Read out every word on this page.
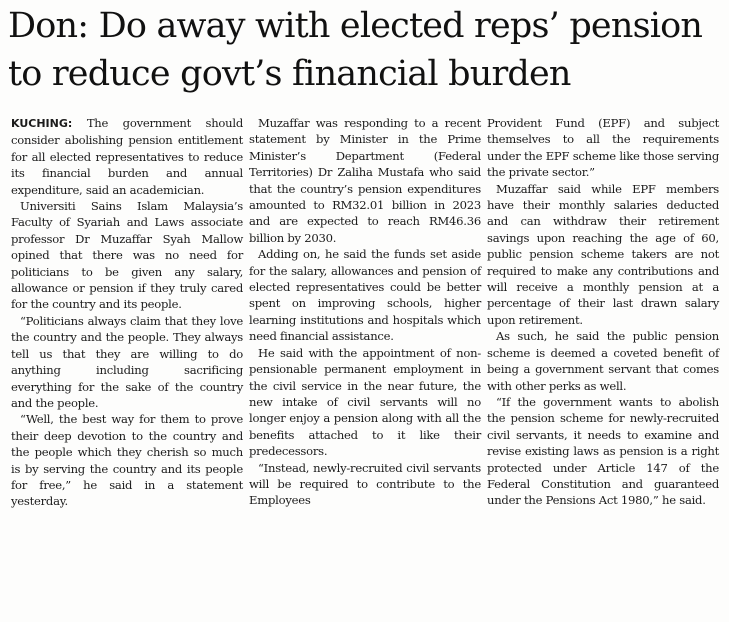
Don: Do away with elected reps’ pension
to reduce govt’s financial burden

KUCHING: The government should consider abolishing pension entitlement for all elected representatives to reduce its financial burden and annual expenditure, said an academician.

Universiti Sains Islam Malaysia’s Faculty of Syariah and Laws associate professor Dr Muzaffar Syah Mallow opined that there was no need for politicians to be given any salary, allowance or pension if they truly cared for the country and its people.

“Politicians always claim that they love the country and the people. They always tell us that they are willing to do anything including sacrificing everything for the sake of the country and the people.

“Well, the best way for them to prove their deep devotion to the country and the people which they cherish so much is by serving the country and its people for free,” he said in a statement yesterday.

Muzaffar was responding to a recent statement by Minister in the Prime Minister’s Department (Federal Territories) Dr Zaliha Mustafa who said that the country’s pension expenditures amounted to RM32.01 billion in 2023 and are expected to reach RM46.36 billion by 2030.

Adding on, he said the funds set aside for the salary, allowances and pension of elected representatives could be better spent on improving schools, higher learning institutions and hospitals which need financial assistance.

He said with the appointment of non-pensionable permanent employment in the civil service in the near future, the new intake of civil servants will no longer enjoy a pension along with all the benefits attached to it like their predecessors.

“Instead, newly-recruited civil servants will be required to contribute to the Employees

Provident Fund (EPF) and subject themselves to all the requirements under the EPF scheme like those serving the private sector.”

Muzaffar said while EPF members have their monthly salaries deducted and can withdraw their retirement savings upon reaching the age of 60, public pension scheme takers are not required to make any contributions and will receive a monthly pension at a percentage of their last drawn salary upon retirement.

As such, he said the public pension scheme is deemed a coveted benefit of being a government servant that comes with other perks as well.

“If the government wants to abolish the pension scheme for newly-recruited civil servants, it needs to examine and revise existing laws as pension is a right protected under Article 147 of the Federal Constitution and guaranteed under the Pensions Act 1980,” he said.
